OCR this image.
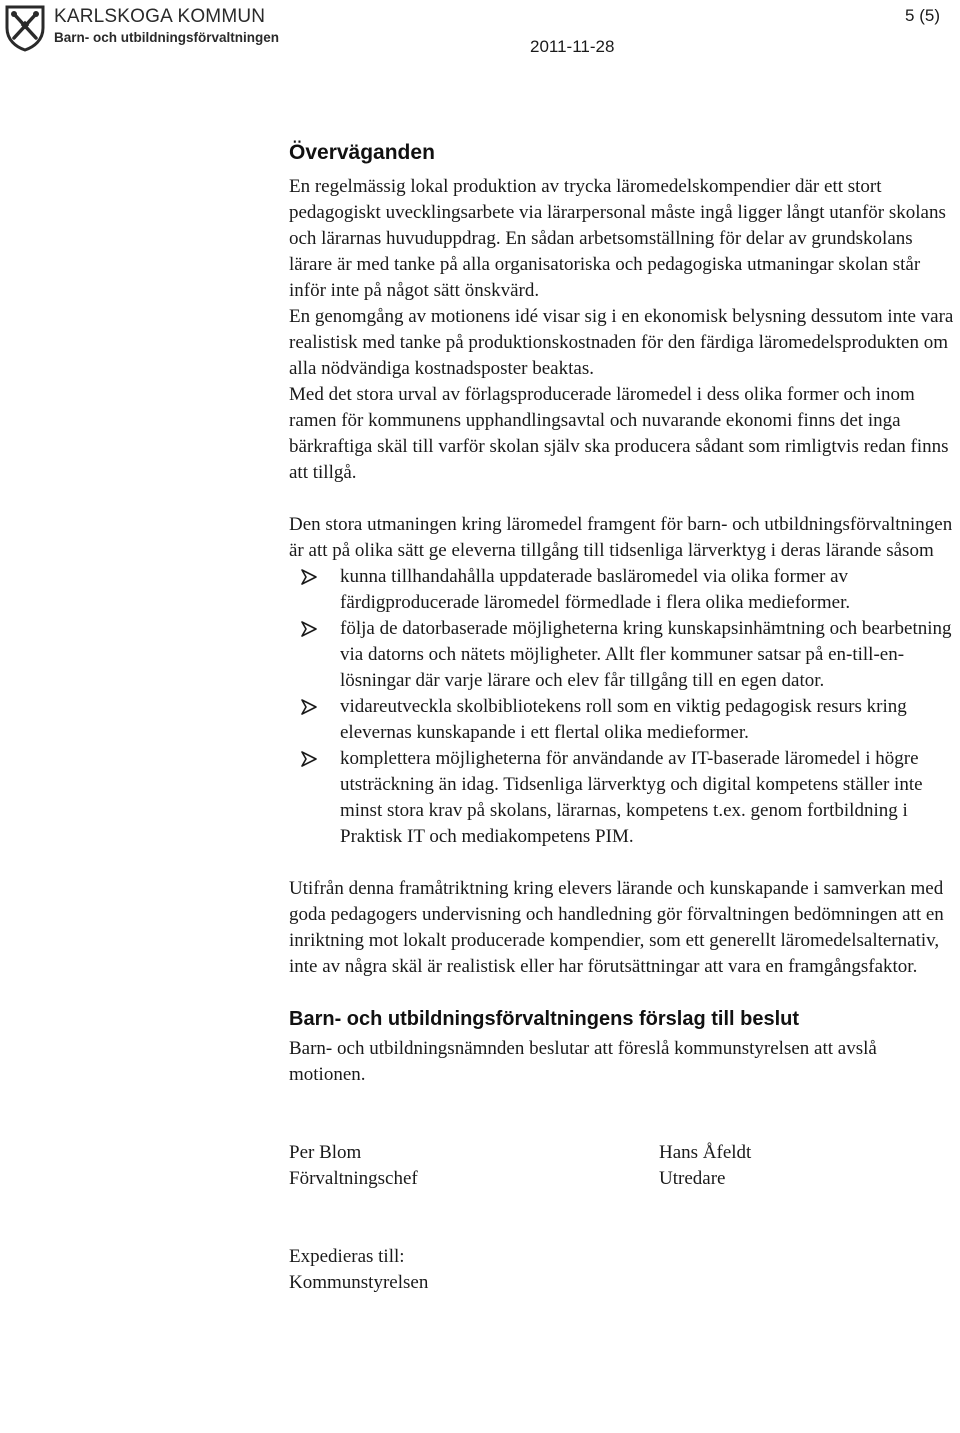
KARLSKOGA KOMMUN
Barn- och utbildningsförvaltningen
5 (5)
2011-11-28
Överväganden

En regelmässig lokal produktion av trycka läromedelskompendier där ett stort pedagogiskt uvecklingsarbete via lärarpersonal måste ingå ligger långt utanför skolans och lärarnas huvuduppdrag. En sådan arbetsomställning för delar av grundskolans lärare är med tanke på alla organisatoriska och pedagogiska utmaningar skolan står inför inte på något sätt önskvärd.

En genomgång av motionens idé visar sig i en ekonomisk belysning dessutom inte vara realistisk med tanke på produktionskostnaden för den färdiga läromedelsprodukten om alla nödvändiga kostnadsposter beaktas.

Med det stora urval av förlagsproducerade läromedel i dess olika former och inom ramen för kommunens upphandlingsavtal och nuvarande ekonomi finns det inga bärkraftiga skäl till varför skolan själv ska producera sådant som rimligtvis redan finns att tillgå.

Den stora utmaningen kring läromedel framgent för barn- och utbildningsförvaltningen är att på olika sätt ge eleverna tillgång till tidsenliga lärverktyg i deras lärande såsom

kunna tillhandahålla uppdaterade basläromedel via olika former av färdigproducerade läromedel förmedlade i flera olika medieformer.
följa de datorbaserade möjligheterna kring kunskapsinhämtning och bearbetning via datorns och nätets möjligheter. Allt fler kommuner satsar på en-till-en-lösningar där varje lärare och elev får tillgång till en egen dator.
vidareutveckla skolbibliotekens roll som en viktig pedagogisk resurs kring elevernas kunskapande i ett flertal olika medieformer.
komplettera möjligheterna för användande av IT-baserade läromedel i högre utsträckning än idag. Tidsenliga lärverktyg och digital kompetens ställer inte minst stora krav på skolans, lärarnas, kompetens t.ex. genom fortbildning i Praktisk IT och mediakompetens PIM.

Utifrån denna framåtriktning kring elevers lärande och kunskapande i samverkan med goda pedagogers undervisning och handledning gör förvaltningen bedömningen att en inriktning mot lokalt producerade kompendier, som ett generellt läromedelsalternativ, inte av några skäl är realistisk eller har förutsättningar att vara en framgångsfaktor.

Barn- och utbildningsförvaltningens förslag till beslut

Barn- och utbildningsnämnden beslutar att föreslå kommunstyrelsen att avslå motionen.

Per Blom
Förvaltningschef
Hans Åfeldt
Utredare

Expedieras till:

Kommunstyrelsen
